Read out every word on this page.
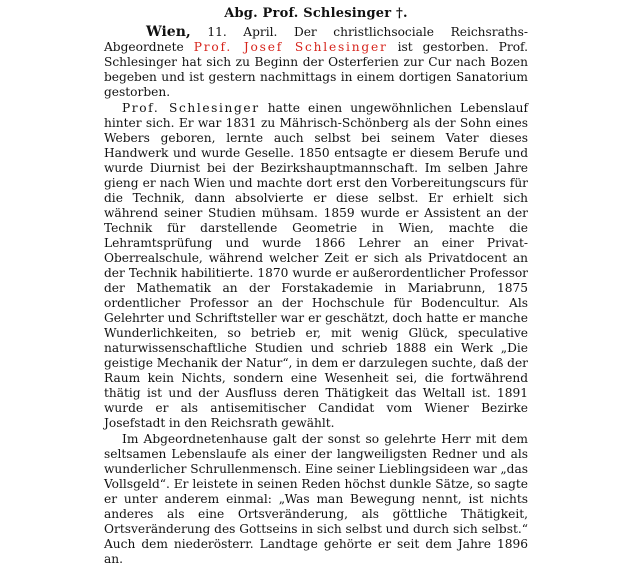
Abg. Prof. Schlesinger †.

Wien, 11. April. Der christlichsociale Reichsraths-Abgeordnete Prof. Josef Schlesinger ist gestorben. Prof. Schlesinger hat sich zu Beginn der Osterferien zur Cur nach Bozen begeben und ist gestern nachmittags in einem dortigen Sanatorium gestorben.

Prof. Schlesinger hatte einen ungewöhnlichen Lebenslauf hinter sich. Er war 1831 zu Mährisch-Schönberg als der Sohn eines Webers geboren, lernte auch selbst bei seinem Vater dieses Handwerk und wurde Geselle. 1850 entsagte er diesem Berufe und wurde Diurnist bei der Bezirkshauptmannschaft. Im selben Jahre gieng er nach Wien und machte dort erst den Vorbereitungscurs für die Technik, dann absolvierte er diese selbst. Er erhielt sich während seiner Studien mühsam. 1859 wurde er Assistent an der Technik für darstellende Geometrie in Wien, machte die Lehramtsprüfung und wurde 1866 Lehrer an einer Privat-Oberrealschule, während welcher Zeit er sich als Privatdocent an der Technik habilitierte. 1870 wurde er außerordentlicher Professor der Mathematik an der Forstakademie in Mariabrunn, 1875 ordentlicher Professor an der Hochschule für Bodencultur. Als Gelehrter und Schriftsteller war er geschätzt, doch hatte er manche Wunderlichkeiten, so betrieb er, mit wenig Glück, speculative naturwissenschaftliche Studien und schrieb 1888 ein Werk „Die geistige Mechanik der Natur“, in dem er darzulegen suchte, daß der Raum kein Nichts, sondern eine Wesenheit sei, die fortwährend thätig ist und der Ausfluss deren Thätigkeit das Weltall ist. 1891 wurde er als antisemitischer Candidat vom Wiener Bezirke Josefstadt in den Reichsrath gewählt.

Im Abgeordnetenhause galt der sonst so gelehrte Herr mit dem seltsamen Lebenslaufe als einer der langweiligsten Redner und als wunderlicher Schrullenmensch. Eine seiner Lieblingsideen war „das Vollsgeld“. Er leistete in seinen Reden höchst dunkle Sätze, so sagte er unter anderem einmal: „Was man Bewegung nennt, ist nichts anderes als eine Ortsveränderung, als göttliche Thätigkeit, Ortsveränderung des Gottseins in sich selbst und durch sich selbst.“ Auch dem niederösterr. Landtage gehörte er seit dem Jahre 1896 an.
